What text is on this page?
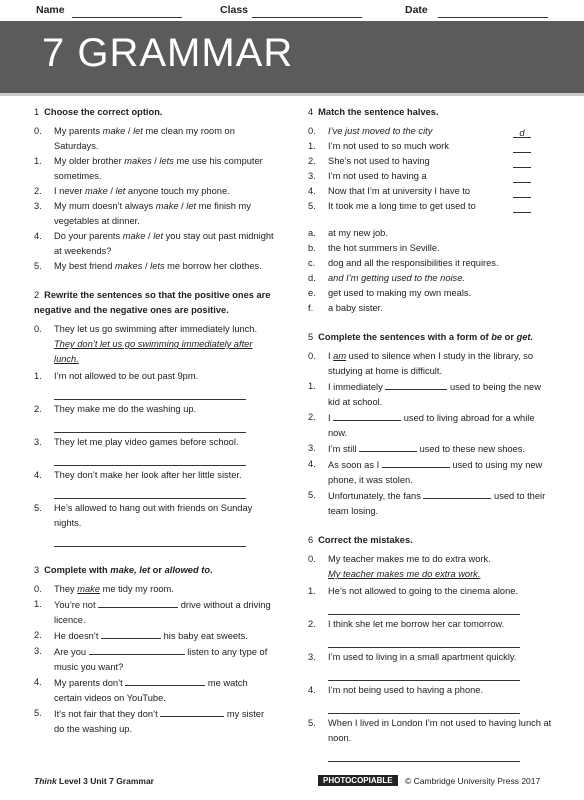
Name	Class	Date
7 GRAMMAR
1 Choose the correct option.
0.	My parents make / let me clean my room on Saturdays.
1.	My older brother makes / lets me use his computer sometimes.
2.	I never make / let anyone touch my phone.
3.	My mum doesn’t always make / let me finish my vegetables at dinner.
4.	Do your parents make / let you stay out past midnight at weekends?
5.	My best friend makes / lets me borrow her clothes.
2 Rewrite the sentences so that the positive ones are negative and the negative ones are positive.
0.	They let us go swimming after immediately lunch.
They don’t let us go swimming immediately after lunch.
1.	I’m not allowed to be out past 9pm.
2.	They make me do the washing up.
3.	They let me play video games before school.
4.	They don’t make her look after her little sister.
5.	He’s allowed to hang out with friends on Sunday nights.
3 Complete with make, let or allowed to.
0.	They make me tidy my room.
1.	You’re not	drive without a driving licence.
2.	He doesn’t	his baby eat sweets.
3.	Are you	listen to any type of music you want?
4.	My parents don’t	me watch certain videos on YouTube.
5.	It’s not fair that they don’t	my sister do the washing up.
4 Match the sentence halves.
0.	I’ve just moved to the city	d
1.	I’m not used to so much work
2.	She’s not used to having
3.	I’m not used to having a
4.	Now that I’m at university I have to
5.	It took me a long time to get used to
a.	at my new job.
b.	the hot summers in Seville.
c.	dog and all the responsibilities it requires.
d.	and I’m getting used to the noise.
e.	get used to making my own meals.
f.	a baby sister.
5 Complete the sentences with a form of be or get.
0.	I am used to silence when I study in the library, so studying at home is difficult.
1.	I immediately	used to being the new kid at school.
2.	I	used to living abroad for a while now.
3.	I’m still	used to these new shoes.
4.	As soon as I	used to using my new phone, it was stolen.
5.	Unfortunately, the fans	used to their team losing.
6 Correct the mistakes.
0.	My teacher makes me to do extra work.
My teacher makes me do extra work.
1.	He’s not allowed to going to the cinema alone.
2.	I think she let me borrow her car tomorrow.
3.	I’m used to living in a small apartment quickly.
4.	I’m not being used to having a phone.
5.	When I lived in London I’m not used to having lunch at noon.
Think Level 3 Unit 7 Grammar	PHOTOCOPIABLE	© Cambridge University Press 2017
